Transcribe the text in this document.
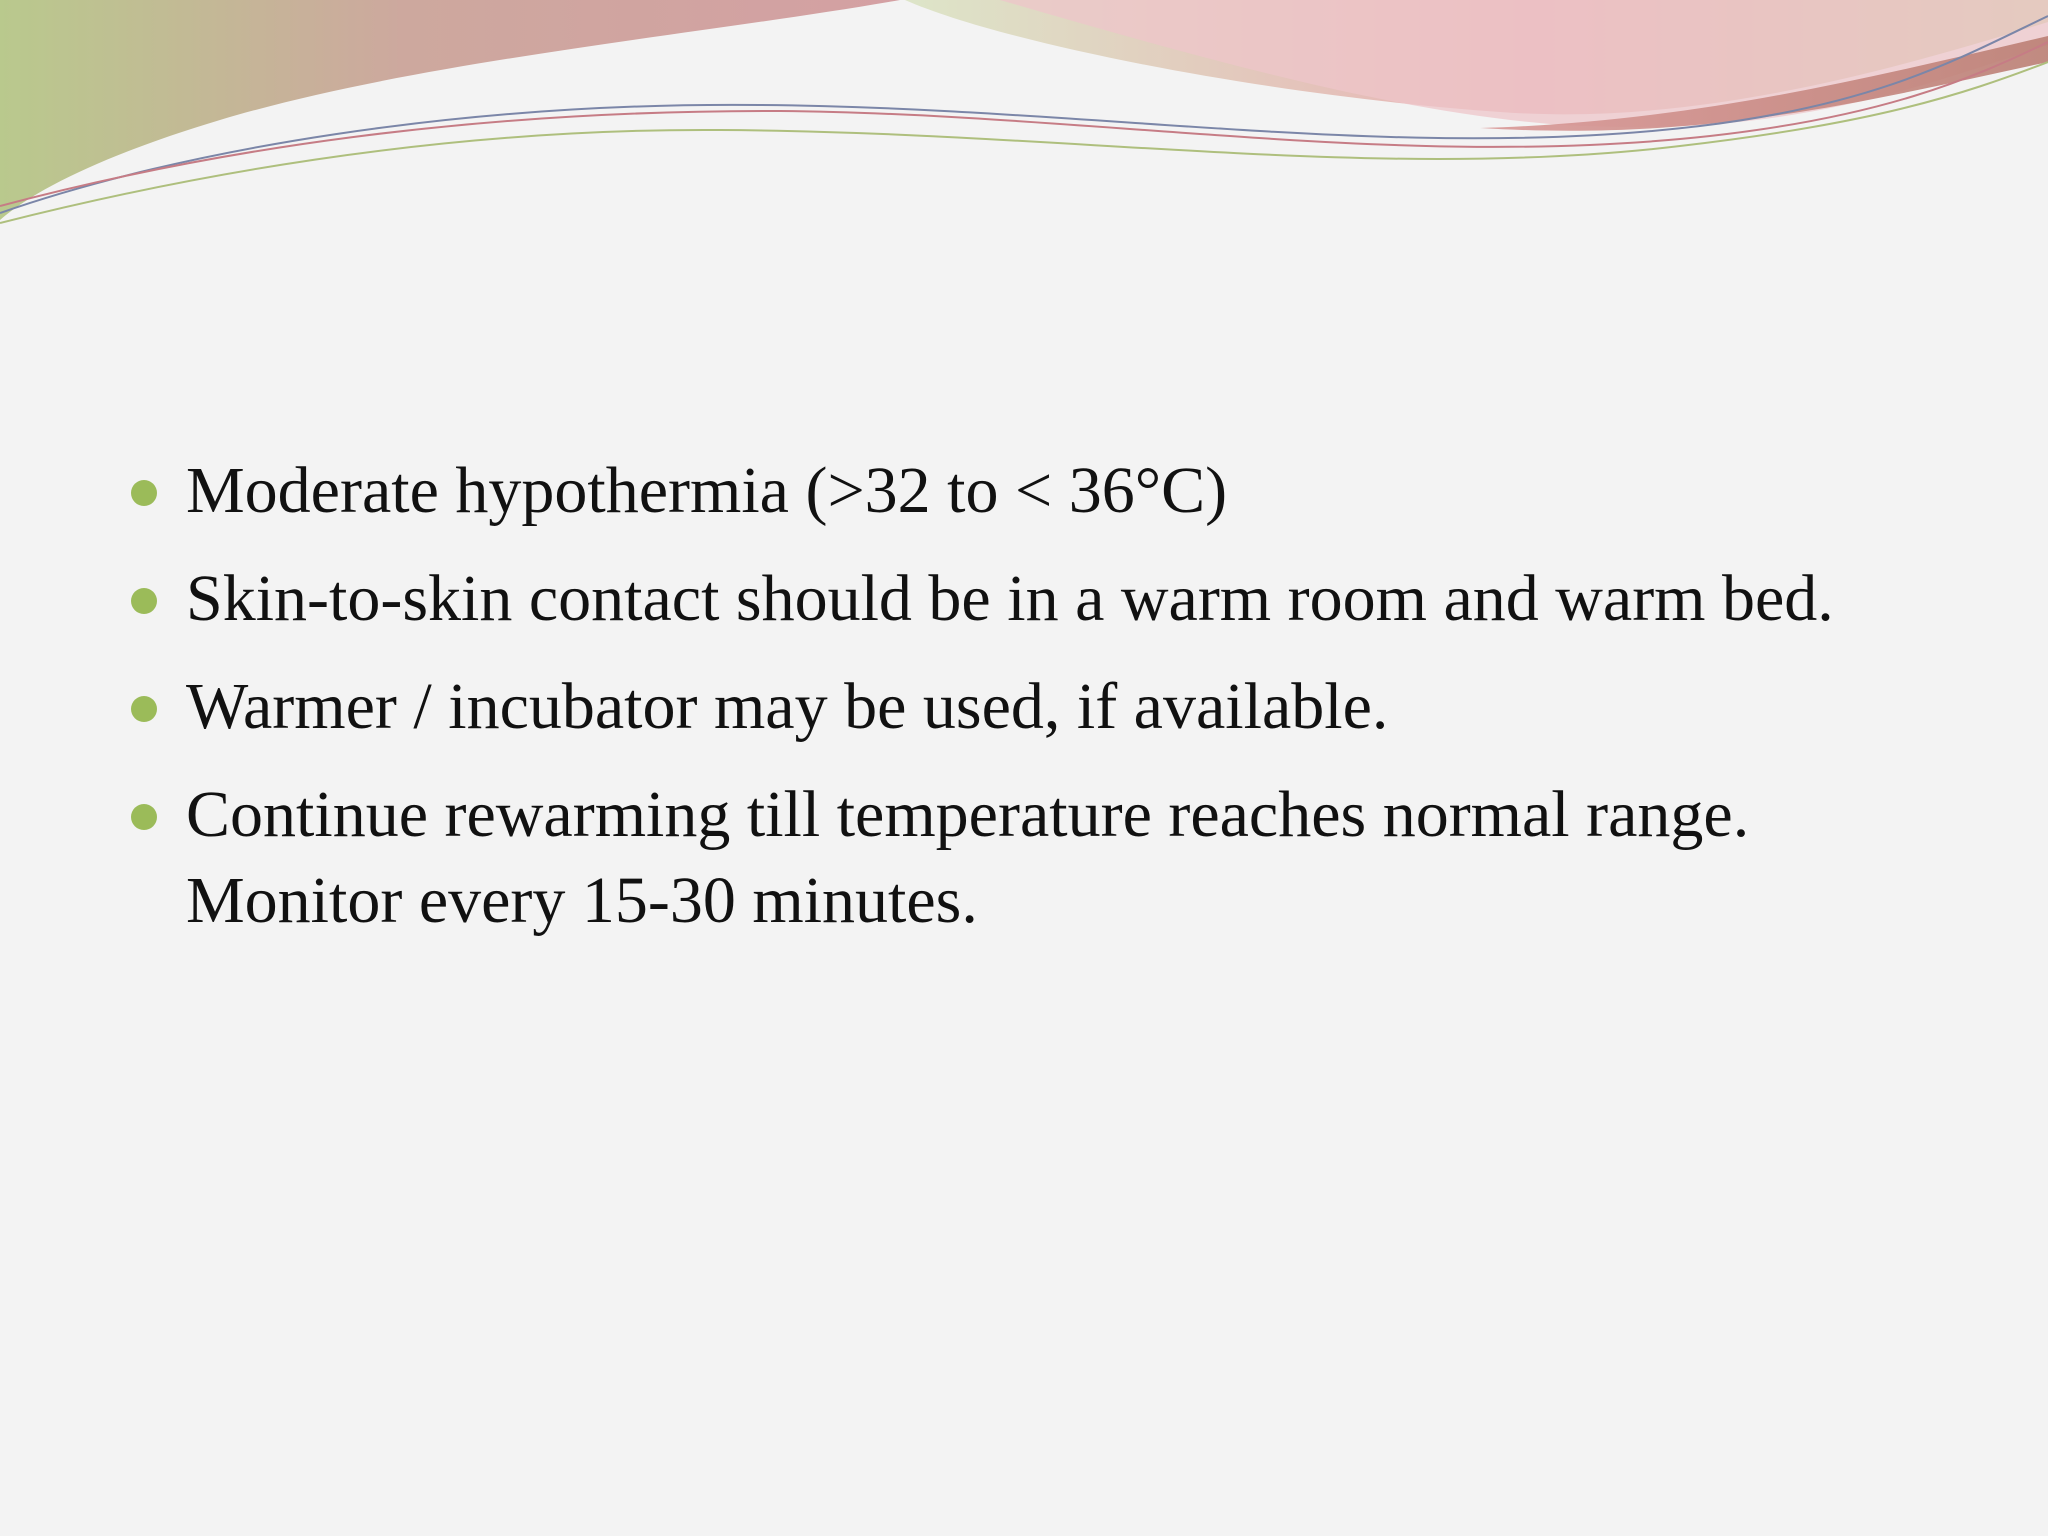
Moderate hypothermia (>32 to < 36°C)
Skin-to-skin contact should be in a warm room and warm bed.
Warmer / incubator may be used, if available.
Continue rewarming till temperature reaches normal range. Monitor every 15-30 minutes.
